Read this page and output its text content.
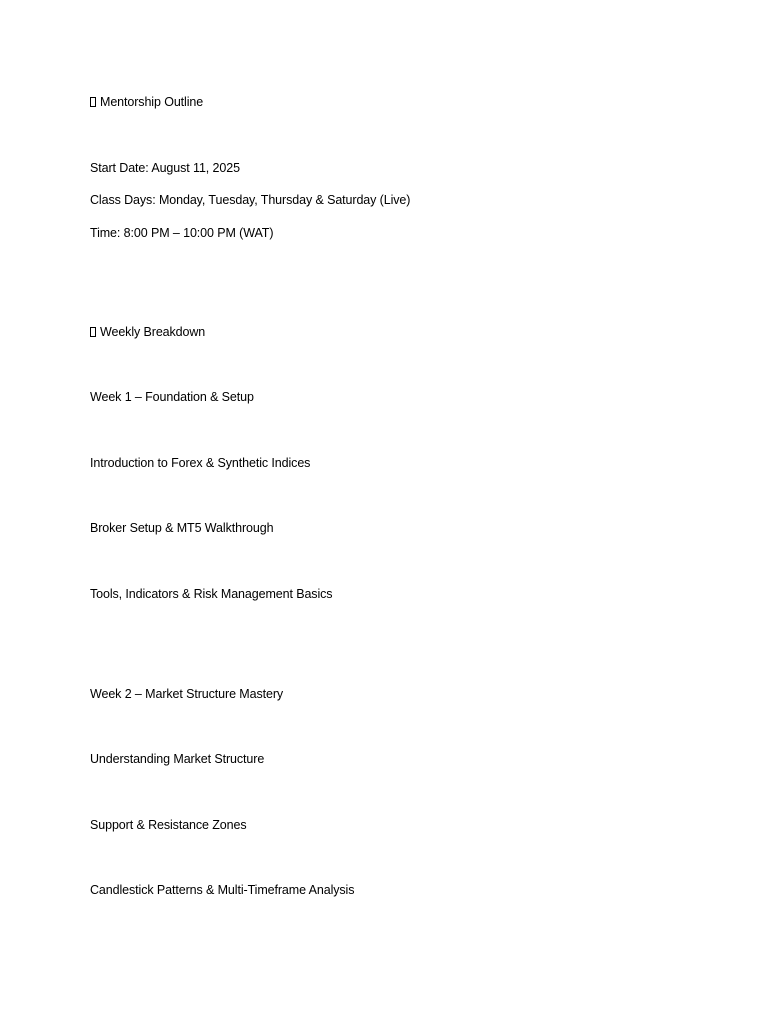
Mentorship Outline
Start Date: August 11, 2025
Class Days: Monday, Tuesday, Thursday & Saturday (Live)
Time: 8:00 PM – 10:00 PM (WAT)
Weekly Breakdown
Week 1 – Foundation & Setup
Introduction to Forex & Synthetic Indices
Broker Setup & MT5 Walkthrough
Tools, Indicators & Risk Management Basics
Week 2 – Market Structure Mastery
Understanding Market Structure
Support & Resistance Zones
Candlestick Patterns & Multi-Timeframe Analysis
